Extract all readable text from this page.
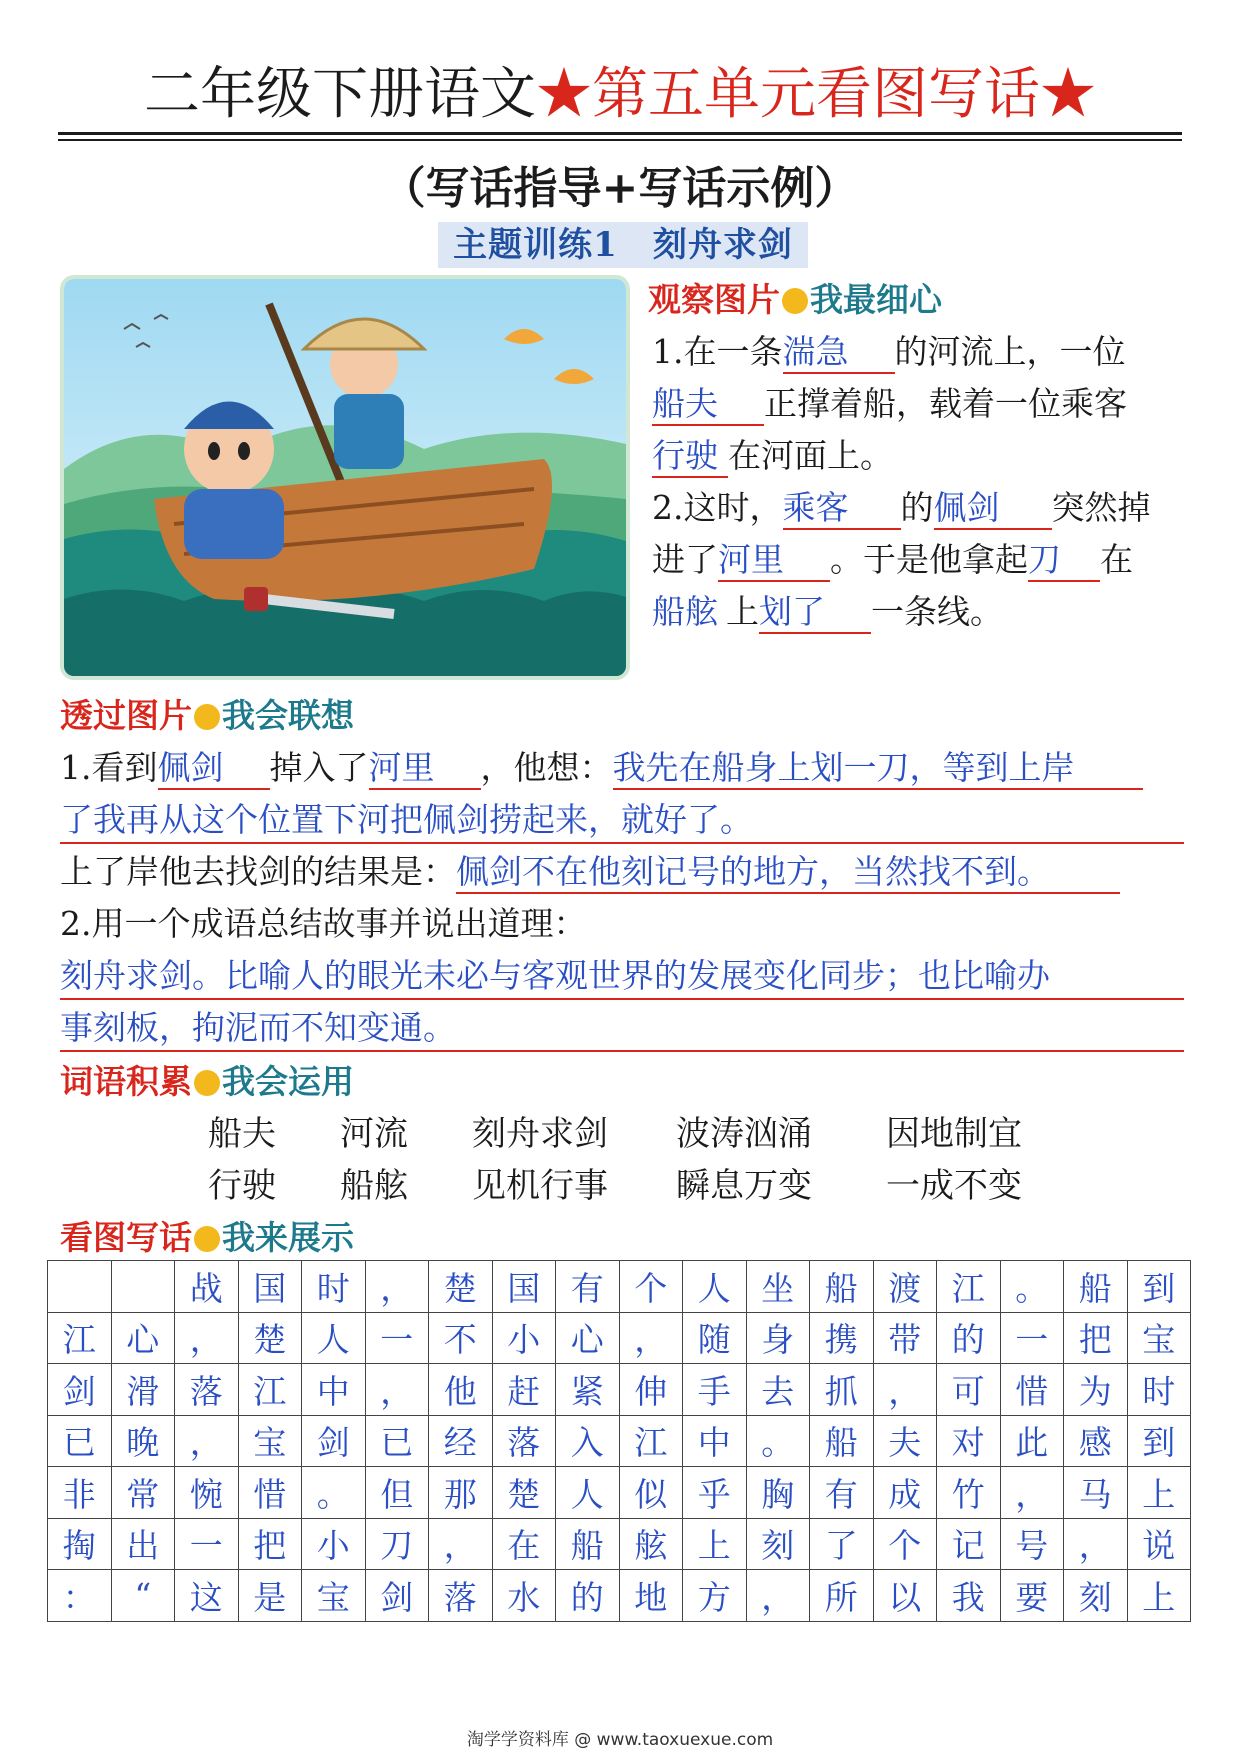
二年级下册语文★第五单元看图写话★
（写话指导+写话示例）
主题训练1　刻舟求剑
观察图片 我最细心
1.在一条湍急 的河流上，一位
船夫 正撑着船，载着一位乘客
行驶 在河面上。
2.这时，乘客 的佩剑 突然掉
进了河里 。于是他拿起刀 在
船舷 上划了 一条线。
透过图片 我会联想
1.看到佩剑 掉入了河里 ，他想：我先在船身上划一刀，等到上岸
了我再从这个位置下河把佩剑捞起来，就好了。
上了岸他去找剑的结果是：佩剑不在他刻记号的地方，当然找不到。
2.用一个成语总结故事并说出道理：
刻舟求剑。比喻人的眼光未必与客观世界的发展变化同步；也比喻办
事刻板，拘泥而不知变通。
词语积累 我会运用
船夫 河流 刻舟求剑 波涛汹涌 因地制宜
行驶 船舷 见机行事 瞬息万变 一成不变
看图写话 我来展示
		战	国	时	，	楚	国	有	个	人	坐	船	渡	江	。	船	到
江	心	，	楚	人	一	不	小	心	，	随	身	携	带	的	一	把	宝
剑	滑	落	江	中	，	他	赶	紧	伸	手	去	抓	，	可	惜	为	时
已	晚	，	宝	剑	已	经	落	入	江	中	。	船	夫	对	此	感	到
非	常	惋	惜	。	但	那	楚	人	似	乎	胸	有	成	竹	，	马	上
掏	出	一	把	小	刀	，	在	船	舷	上	刻	了	个	记	号	，	说
：	“	这	是	宝	剑	落	水	的	地	方	，	所	以	我	要	刻	上
淘学学资料库 @ www.taoxuexue.com
